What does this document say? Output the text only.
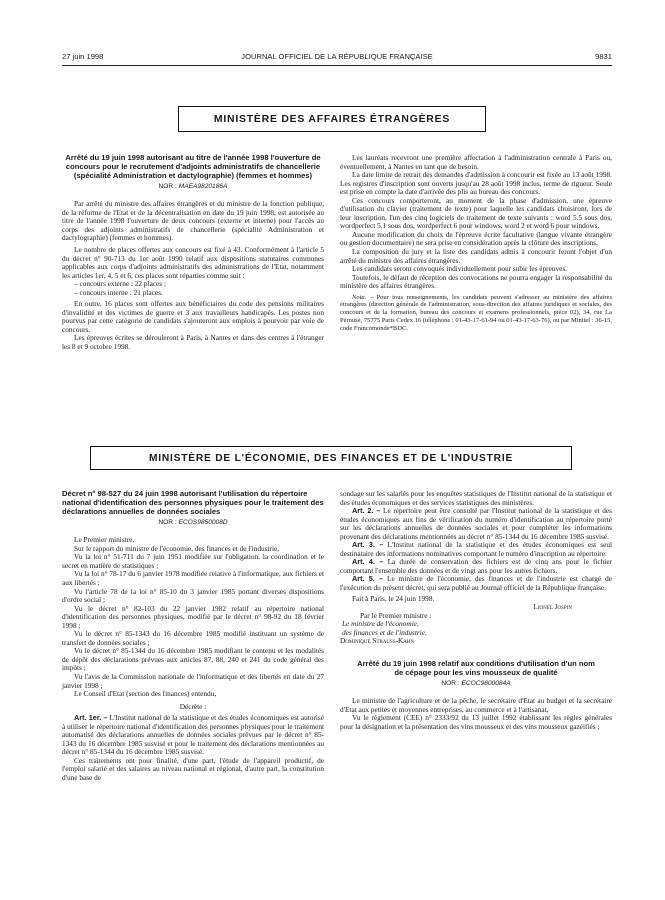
27 juin 1998	JOURNAL OFFICIEL DE LA RÉPUBLIQUE FRANÇAISE	9831
MINISTÈRE DES AFFAIRES ÉTRANGÈRES
Arrêté du 19 juin 1998 autorisant au titre de l'année 1998 l'ouverture de concours pour le recrutement d'adjoints administratifs de chancellerie (spécialité Administration et dactylographie) (femmes et hommes)
NOR : MAEA9820186A

Par arrêté du ministre des affaires étrangères et du ministre de la fonction publique, de la réforme de l'Etat et de la décentralisation en date du 19 juin 1998, est autorisée au titre de l'année 1998 l'ouverture de deux concours (externe et interne) pour l'accès au corps des adjoints administratifs de chancellerie (spécialité Administration et dactylographie) (femmes et hommes).

Le nombre de places offertes aux concours est fixé à 43. Conformément à l'article 5 du décret n° 90-713 du 1er août 1990 relatif aux dispositions statutaires communes applicables aux corps d'adjoints administratifs des administrations de l'Etat, notamment les articles 1er, 4, 5 et 6, ces places sont réparties comme suit :

– concours externe : 22 places ;

– concours interne : 21 places.

En outre, 16 places sont offertes aux bénéficiaires du code des pensions militaires d'invalidité et des victimes de guerre et 3 aux travailleurs handicapés. Les postes non pourvus par cette catégorie de candidats s'ajouteront aux emplois à pourvoir par voie de concours.

Les épreuves écrites se dérouleront à Paris, à Nantes et dans des centres à l'étranger les 8 et 9 octobre 1998.

Les lauréats recevront une première affectation à l'administration centrale à Paris ou, éventuellement, à Nantes en tant que de besoin.

La date limite de retrait des demandes d'admission à concourir est fixée au 13 août 1998. Les registres d'inscription sont ouverts jusqu'au 28 août 1998 inclus, terme de rigueur. Seule est prise en compte la date d'arrivée des plis au bureau des concours.

Ces concours comporteront, au moment de la phase d'admission, une épreuve d'utilisation du clavier (traitement de texte) pour laquelle les candidats choisiront, lors de leur inscription, l'un des cinq logiciels de traitement de texte suivants : word 5.5 sous dos, wordperfect 5.1 sous dos, wordperfect 6 pour windows, word 2 et word 6 pour windows.

Aucune modification du choix de l'épreuve écrite facultative (langue vivante étrangère ou gestion documentaire) ne sera prise en considération après la clôture des inscriptions.

La composition du jury et la liste des candidats admis à concourir feront l'objet d'un arrêté du ministre des affaires étrangères.

Les candidats seront convoqués individuellement pour subir les épreuves.

Toutefois, le défaut de réception des convocations ne pourra engager la responsabilité du ministère des affaires étrangères.

Nota. – Pour tous renseignements, les candidats peuvent s'adresser au ministère des affaires étrangères (direction générale de l'administration, sous-direction des affaires juridiques et sociales, des concours et de la formation, bureau des concours et examens professionnels, pièce 02), 34, rue La Pérouse, 75775 Paris Cedex 16 (téléphone : 01-43-17-61-94 ou 01-43-17-63-76), ou par Minitel : 36-15, code Francomonde*BDC.

MINISTÈRE DE L'ÉCONOMIE, DES FINANCES ET DE L'INDUSTRIE
Décret n° 98-527 du 24 juin 1998 autorisant l'utilisation du répertoire national d'identification des personnes physiques pour le traitement des déclarations annuelles de données sociales
NOR : ECOS9850008D

Le Premier ministre,

Sur le rapport du ministre de l'économie, des finances et de l'industrie,

Vu la loi n° 51-711 du 7 juin 1951 modifiée sur l'obligation, la coordination et le secret en matière de statistiques ;

Vu la loi n° 78-17 du 6 janvier 1978 modifiée relative à l'informatique, aux fichiers et aux libertés ;

Vu l'article 78 de la loi n° 85-10 du 3 janvier 1985 portant diverses dispositions d'ordre social ;

Vu le décret n° 82-103 du 22 janvier 1982 relatif au répertoire national d'identification des personnes physiques, modifié par le décret n° 98-92 du 18 février 1998 ;

Vu le décret n° 85-1343 du 16 décembre 1985 modifié instituant un système de transfert de données sociales ;

Vu le décret n° 85-1344 du 16 décembre 1985 modifiant le contenu et les modalités de dépôt des déclarations prévues aux articles 87, 88, 240 et 241 du code général des impôts ;

Vu l'avis de la Commission nationale de l'informatique et des libertés en date du 27 janvier 1998 ;

Le Conseil d'Etat (section des finances) entendu,

Décrète :

Art. 1er. – L'Institut national de la statistique et des études économiques est autorisé à utiliser le répertoire national d'identification des personnes physiques pour le traitement automatisé des déclarations annuelles de données sociales prévues par le décret n° 85-1343 du 16 décembre 1985 susvisé et pour le traitement des déclarations mentionnées au décret n° 85-1344 du 16 décembre 1985 susvisé.

Ces traitements ont pour finalité, d'une part, l'étude de l'appareil productif, de l'emploi salarié et des salaires au niveau national et régional, d'autre part, la constitution d'une base de

sondage sur les salariés pour les enquêtes statistiques de l'Institut national de la statistique et des études économiques et des services statistiques des ministères.

Art. 2. – Le répertoire peut être consulté par l'Institut national de la statistique et des études économiques aux fins de vérification du numéro d'identification au répertoire porté sur les déclarations annuelles de données sociales et pour compléter les informations provenant des déclarations mentionnées au décret n° 85-1344 du 16 décembre 1985 susvisé.

Art. 3. – L'Institut national de la statistique et des études économiques est seul destinataire des informations nominatives comportant le numéro d'inscription au répertoire.

Art. 4. – La durée de conservation des fichiers est de cinq ans pour le fichier comportant l'ensemble des données et de vingt ans pour les autres fichiers.

Art. 5. – Le ministre de l'économie, des finances et de l'industrie est chargé de l'exécution du présent décret, qui sera publié au Journal officiel de la République française.

Fait à Paris, le 24 juin 1998.

Lionel Jospin

Par le Premier ministre :

Le ministre de l'économie,
des finances et de l'industrie,

Dominique Strauss-Kahn

Arrêté du 19 juin 1998 relatif aux conditions d'utilisation d'un nom de cépage pour les vins mousseux de qualité
NOR : ECOC9800084A

Le ministre de l'agriculture et de la pêche, le secrétaire d'Etat au budget et la secrétaire d'Etat aux petites et moyennes entreprises, au commerce et à l'artisanat,

Vu le règlement (CEE) n° 2333/92 du 13 juillet 1992 établissant les règles générales pour la désignation et la présentation des vins mousseux et des vins mousseux gazéifiés ;
